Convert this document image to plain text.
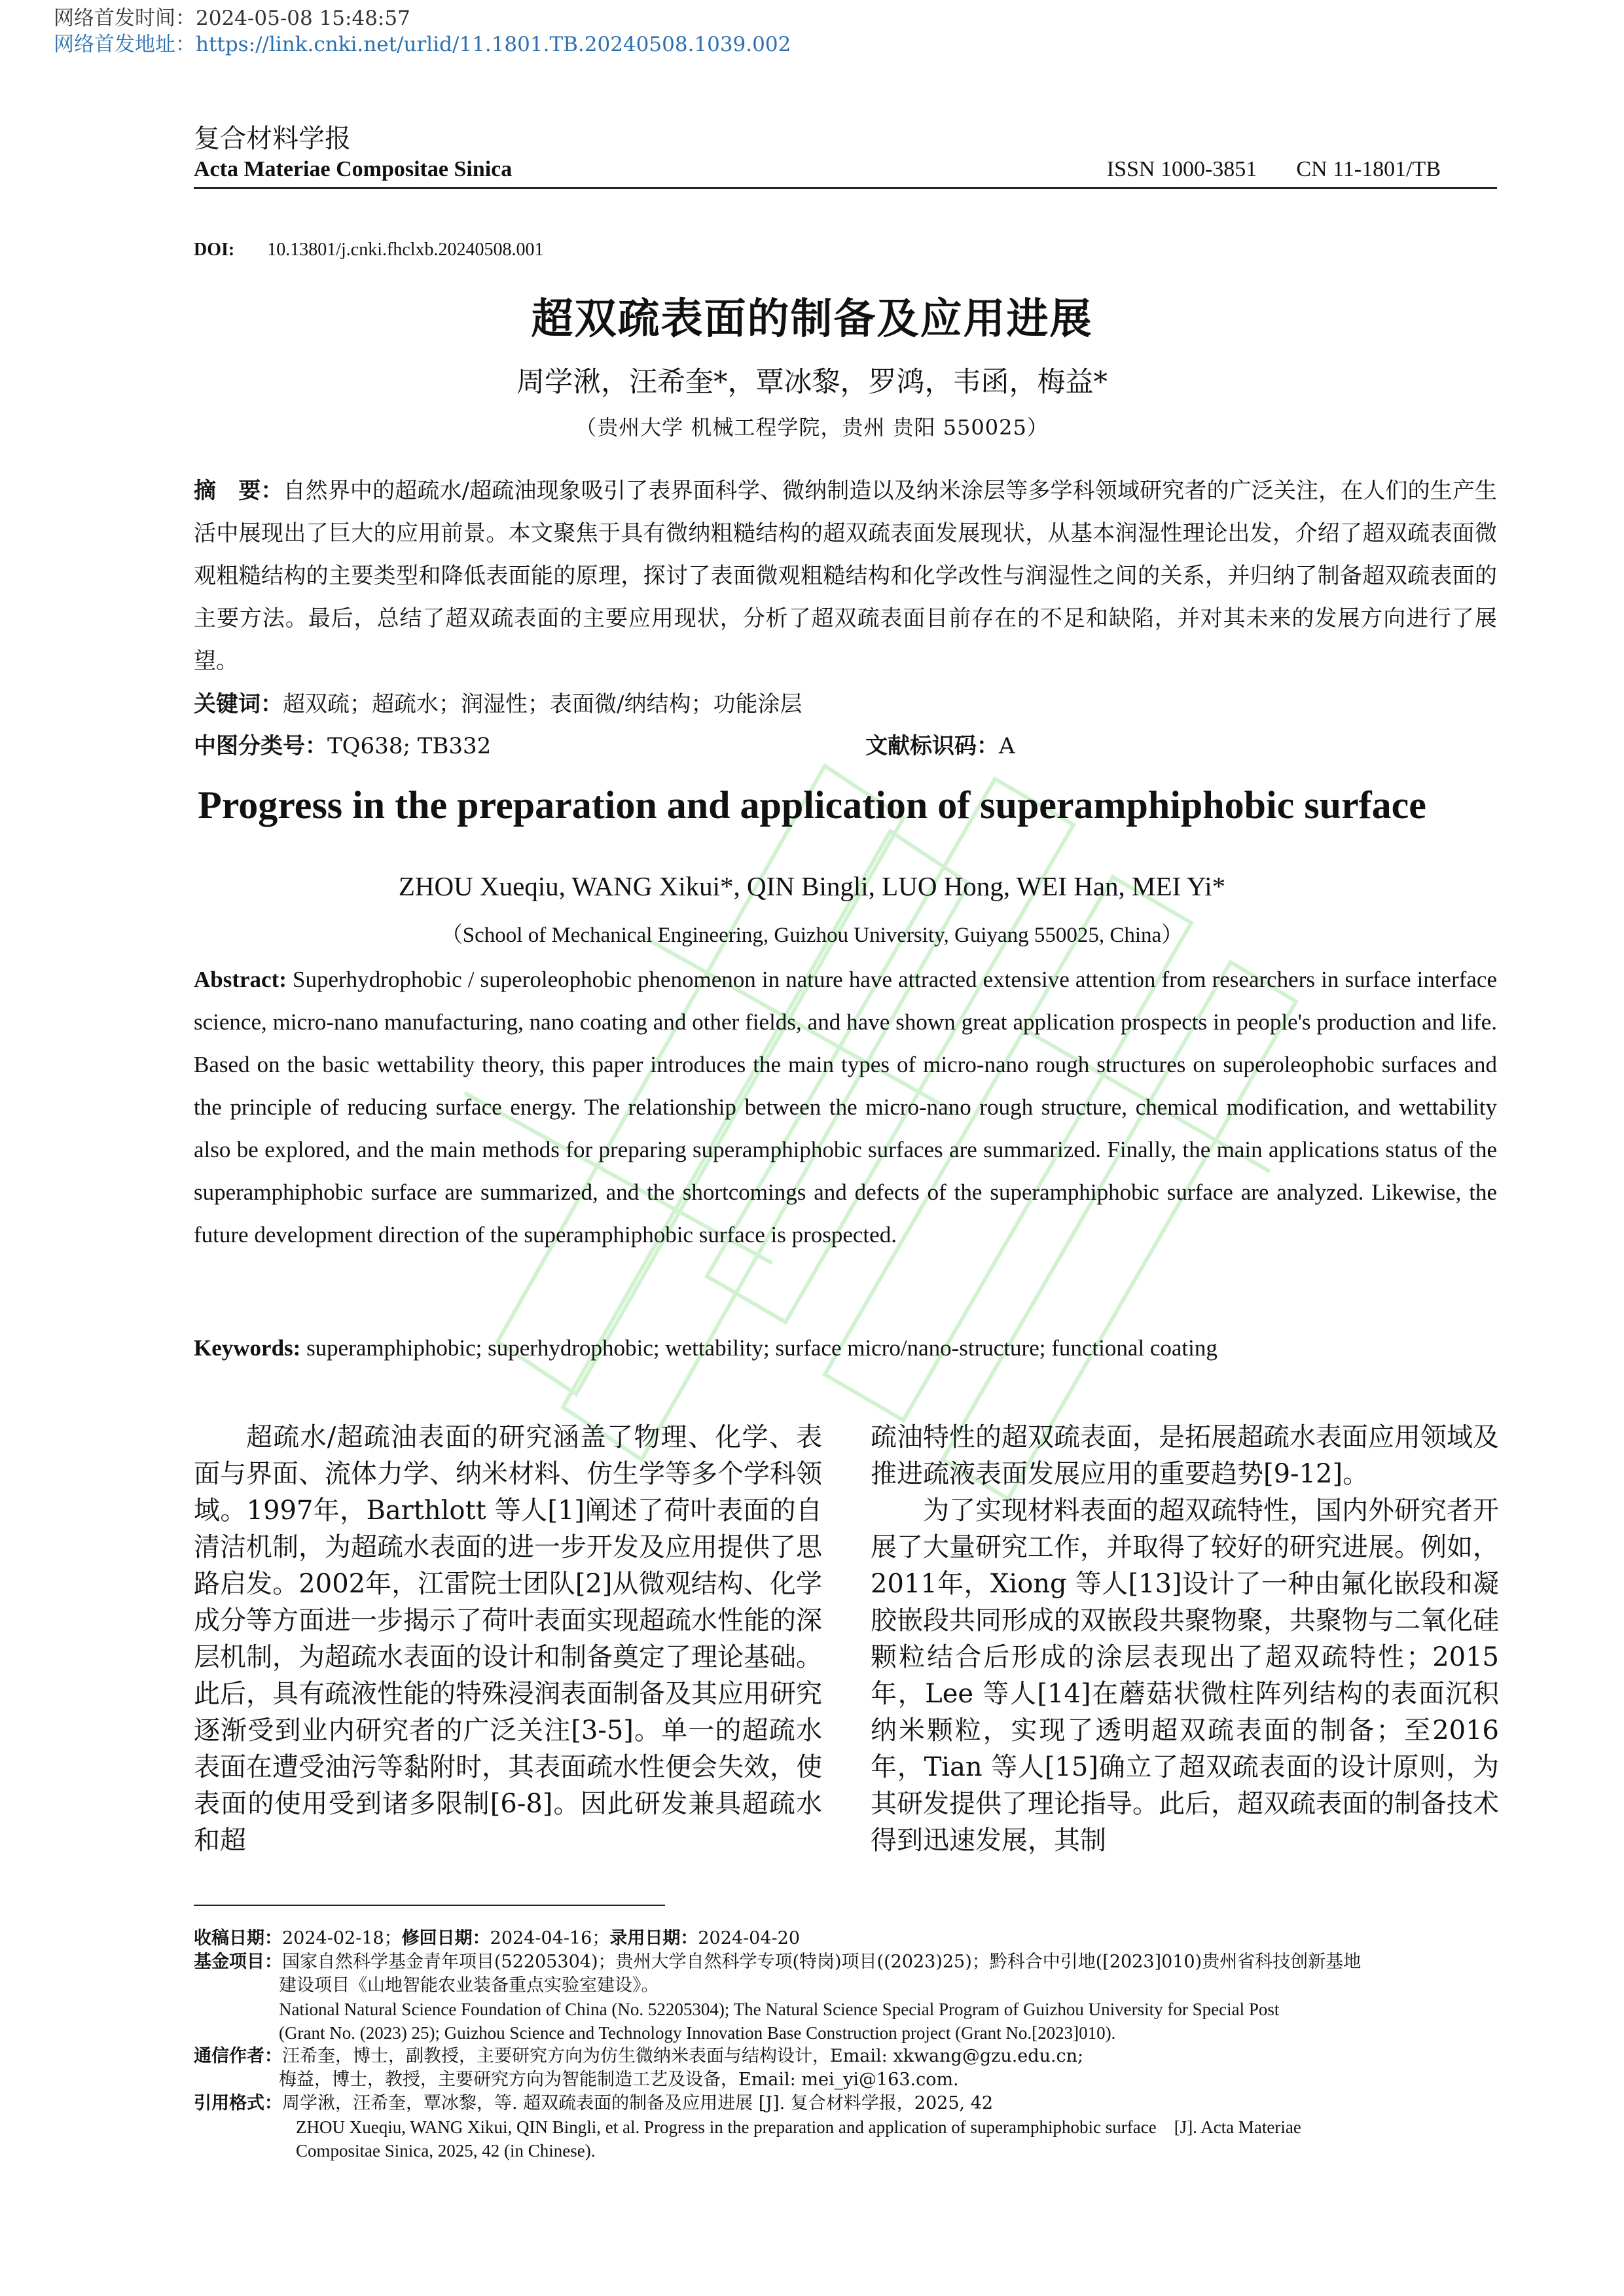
网络首发时间：2024-05-08 15:48:57
网络首发地址：https://link.cnki.net/urlid/11.1801.TB.20240508.1039.002
复合材料学报
Acta Materiae Compositae Sinica	ISSN 1000-3851 CN 11-1801/TB
DOI: 10.13801/j.cnki.fhclxb.20240508.001
超双疏表面的制备及应用进展
周学湫，汪希奎*，覃冰黎，罗鸿，韦函，梅益*
（贵州大学 机械工程学院，贵州 贵阳 550025）
摘　要：自然界中的超疏水/超疏油现象吸引了表界面科学、微纳制造以及纳米涂层等多学科领域研究者的广泛关注，在人们的生产生活中展现出了巨大的应用前景。本文聚焦于具有微纳粗糙结构的超双疏表面发展现状，从基本润湿性理论出发，介绍了超双疏表面微观粗糙结构的主要类型和降低表面能的原理，探讨了表面微观粗糙结构和化学改性与润湿性之间的关系，并归纳了制备超双疏表面的主要方法。最后，总结了超双疏表面的主要应用现状，分析了超双疏表面目前存在的不足和缺陷，并对其未来的发展方向进行了展望。
关键词：超双疏；超疏水；润湿性；表面微/纳结构；功能涂层
中图分类号：TQ638; TB332	文献标识码：A
Progress in the preparation and application of superamphiphobic surface
ZHOU Xueqiu, WANG Xikui*, QIN Bingli, LUO Hong, WEI Han, MEI Yi*
（School of Mechanical Engineering, Guizhou University, Guiyang 550025, China）
Abstract: Superhydrophobic / superoleophobic phenomenon in nature have attracted extensive attention from researchers in surface interface science, micro-nano manufacturing, nano coating and other fields, and have shown great application prospects in people's production and life. Based on the basic wettability theory, this paper introduces the main types of micro-nano rough structures on superoleophobic surfaces and the principle of reducing surface energy. The relationship between the micro-nano rough structure, chemical modification, and wettability also be explored, and the main methods for preparing superamphiphobic surfaces are summarized. Finally, the main applications status of the superamphiphobic surface are summarized, and the shortcomings and defects of the superamphiphobic surface are analyzed. Likewise, the future development direction of the superamphiphobic surface is prospected.
Keywords: superamphiphobic; superhydrophobic; wettability; surface micro/nano-structure; functional coating

超疏水/超疏油表面的研究涵盖了物理、化学、表面与界面、流体力学、纳米材料、仿生学等多个学科领域。1997年，Barthlott 等人[1]阐述了荷叶表面的自清洁机制，为超疏水表面的进一步开发及应用提供了思路启发。2002年，江雷院士团队[2]从微观结构、化学成分等方面进一步揭示了荷叶表面实现超疏水性能的深层机制，为超疏水表面的设计和制备奠定了理论基础。此后，具有疏液性能的特殊浸润表面制备及其应用研究逐渐受到业内研究者的广泛关注[3-5]。单一的超疏水表面在遭受油污等黏附时，其表面疏水性便会失效，使表面的使用受到诸多限制[6-8]。因此研发兼具超疏水和超

疏油特性的超双疏表面，是拓展超疏水表面应用领域及推进疏液表面发展应用的重要趋势[9-12]。

为了实现材料表面的超双疏特性，国内外研究者开展了大量研究工作，并取得了较好的研究进展。例如，2011年，Xiong 等人[13]设计了一种由氟化嵌段和凝胶嵌段共同形成的双嵌段共聚物聚，共聚物与二氧化硅颗粒结合后形成的涂层表现出了超双疏特性；2015年，Lee 等人[14]在蘑菇状微柱阵列结构的表面沉积纳米颗粒，实现了透明超双疏表面的制备；至2016年，Tian 等人[15]确立了超双疏表面的设计原则，为其研发提供了理论指导。此后，超双疏表面的制备技术得到迅速发展，其制

收稿日期：2024-02-18；修回日期：2024-04-16；录用日期：2024-04-20
基金项目： 国家自然科学基金青年项目(52205304)；贵州大学自然科学专项(特岗)项目((2023)25)；黔科合中引地([2023]010)贵州省科技创新基地
建设项目《山地智能农业装备重点实验室建设》。
National Natural Science Foundation of China (No. 52205304); The Natural Science Special Program of Guizhou University for Special Post
(Grant No. (2023) 25); Guizhou Science and Technology Innovation Base Construction project (Grant No.[2023]010).
通信作者： 汪希奎，博士，副教授，主要研究方向为仿生微纳米表面与结构设计，Email: xkwang@gzu.edu.cn;
梅益，博士，教授，主要研究方向为智能制造工艺及设备，Email: mei_yi@163.com.
引用格式： 周学湫，汪希奎，覃冰黎，等. 超双疏表面的制备及应用进展 [J]. 复合材料学报，2025, 42
ZHOU Xueqiu, WANG Xikui, QIN Bingli, et al. Progress in the preparation and application of superamphiphobic surface　[J]. Acta Materiae
Compositae Sinica, 2025, 42 (in Chinese).
